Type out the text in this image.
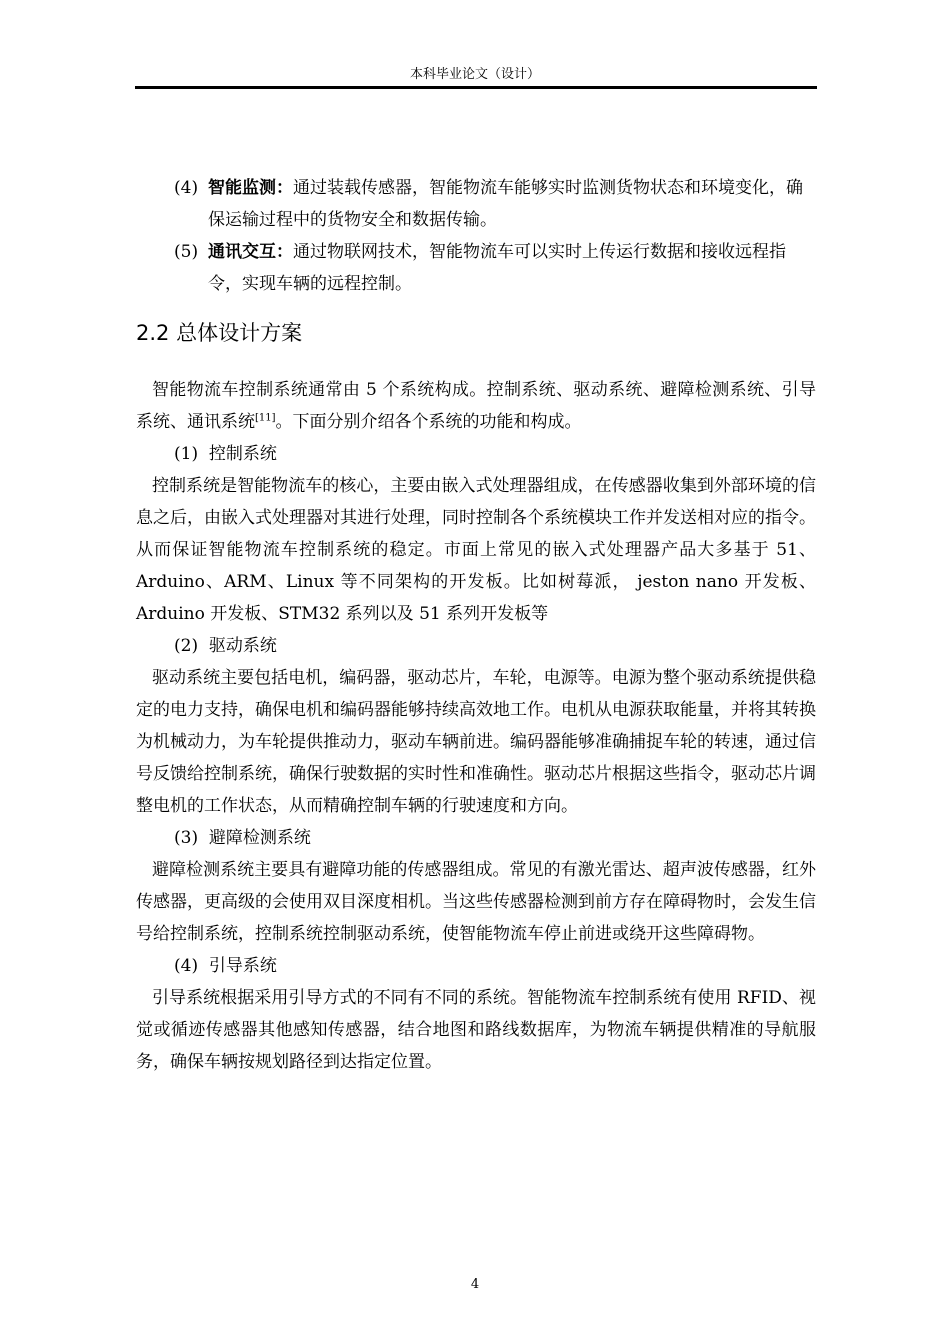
本科毕业论文（设计）
(4) 智能监测：通过装载传感器，智能物流车能够实时监测货物状态和环境变化，确保运输过程中的货物安全和数据传输。
(5) 通讯交互：通过物联网技术，智能物流车可以实时上传运行数据和接收远程指令，实现车辆的远程控制。
2.2 总体设计方案

智能物流车控制系统通常由 5 个系统构成。控制系统、驱动系统、避障检测系统、引导系统、通讯系统[11]。下面分别介绍各个系统的功能和构成。

(1) 控制系统

控制系统是智能物流车的核心，主要由嵌入式处理器组成，在传感器收集到外部环境的信息之后，由嵌入式处理器对其进行处理，同时控制各个系统模块工作并发送相对应的指令。从而保证智能物流车控制系统的稳定。市面上常见的嵌入式处理器产品大多基于 51、Arduino、ARM、Linux 等不同架构的开发板。比如树莓派， jeston nano 开发板、Arduino 开发板、STM32 系列以及 51 系列开发板等

(2) 驱动系统

驱动系统主要包括电机，编码器，驱动芯片，车轮，电源等。电源为整个驱动系统提供稳定的电力支持，确保电机和编码器能够持续高效地工作。电机从电源获取能量，并将其转换为机械动力，为车轮提供推动力，驱动车辆前进。编码器能够准确捕捉车轮的转速，通过信号反馈给控制系统，确保行驶数据的实时性和准确性。驱动芯片根据这些指令，驱动芯片调整电机的工作状态，从而精确控制车辆的行驶速度和方向。

(3) 避障检测系统

避障检测系统主要具有避障功能的传感器组成。常见的有激光雷达、超声波传感器，红外传感器，更高级的会使用双目深度相机。当这些传感器检测到前方存在障碍物时，会发生信号给控制系统，控制系统控制驱动系统，使智能物流车停止前进或绕开这些障碍物。

(4) 引导系统

引导系统根据采用引导方式的不同有不同的系统。智能物流车控制系统有使用 RFID、视觉或循迹传感器其他感知传感器，结合地图和路线数据库，为物流车辆提供精准的导航服务，确保车辆按规划路径到达指定位置。

4
